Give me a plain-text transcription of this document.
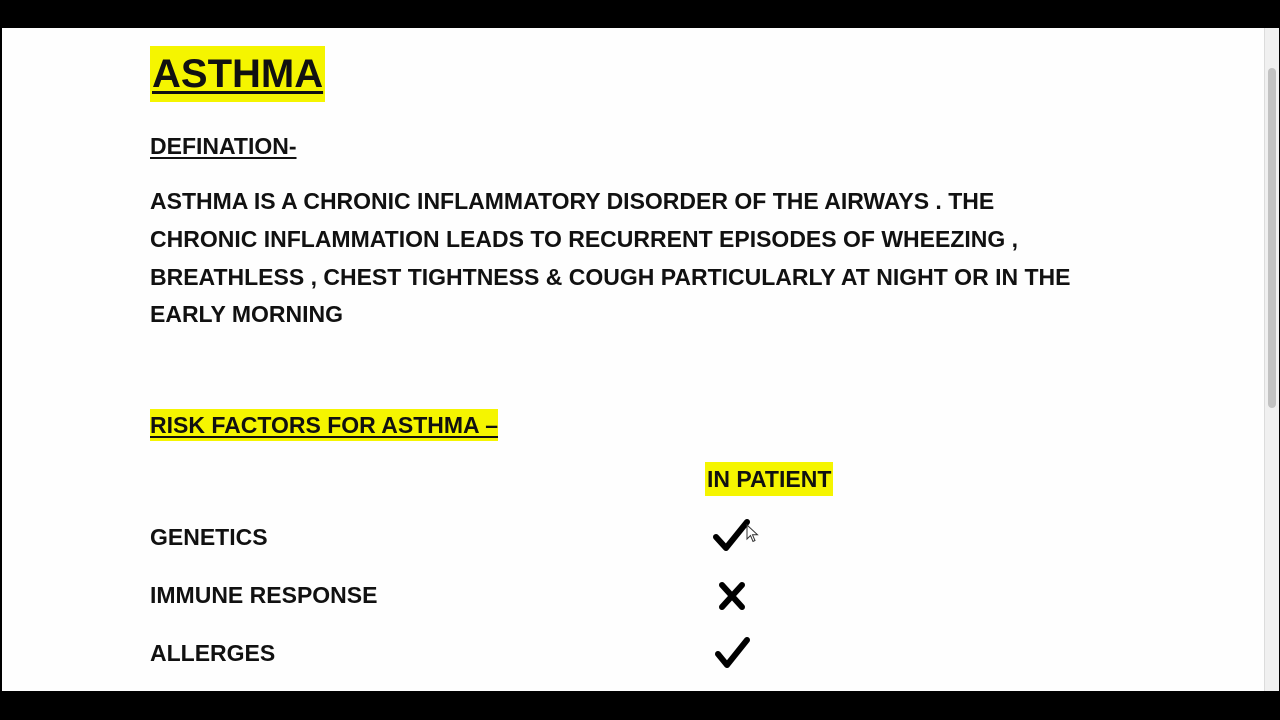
ASTHMA
DEFINATION-
ASTHMA IS A CHRONIC INFLAMMATORY DISORDER OF THE AIRWAYS . THE
CHRONIC INFLAMMATION LEADS TO RECURRENT EPISODES OF WHEEZING ,
BREATHLESS , CHEST TIGHTNESS & COUGH PARTICULARLY AT NIGHT OR IN THE
EARLY MORNING
RISK FACTORS FOR ASTHMA –
IN PATIENT
GENETICS
IMMUNE RESPONSE
ALLERGES
